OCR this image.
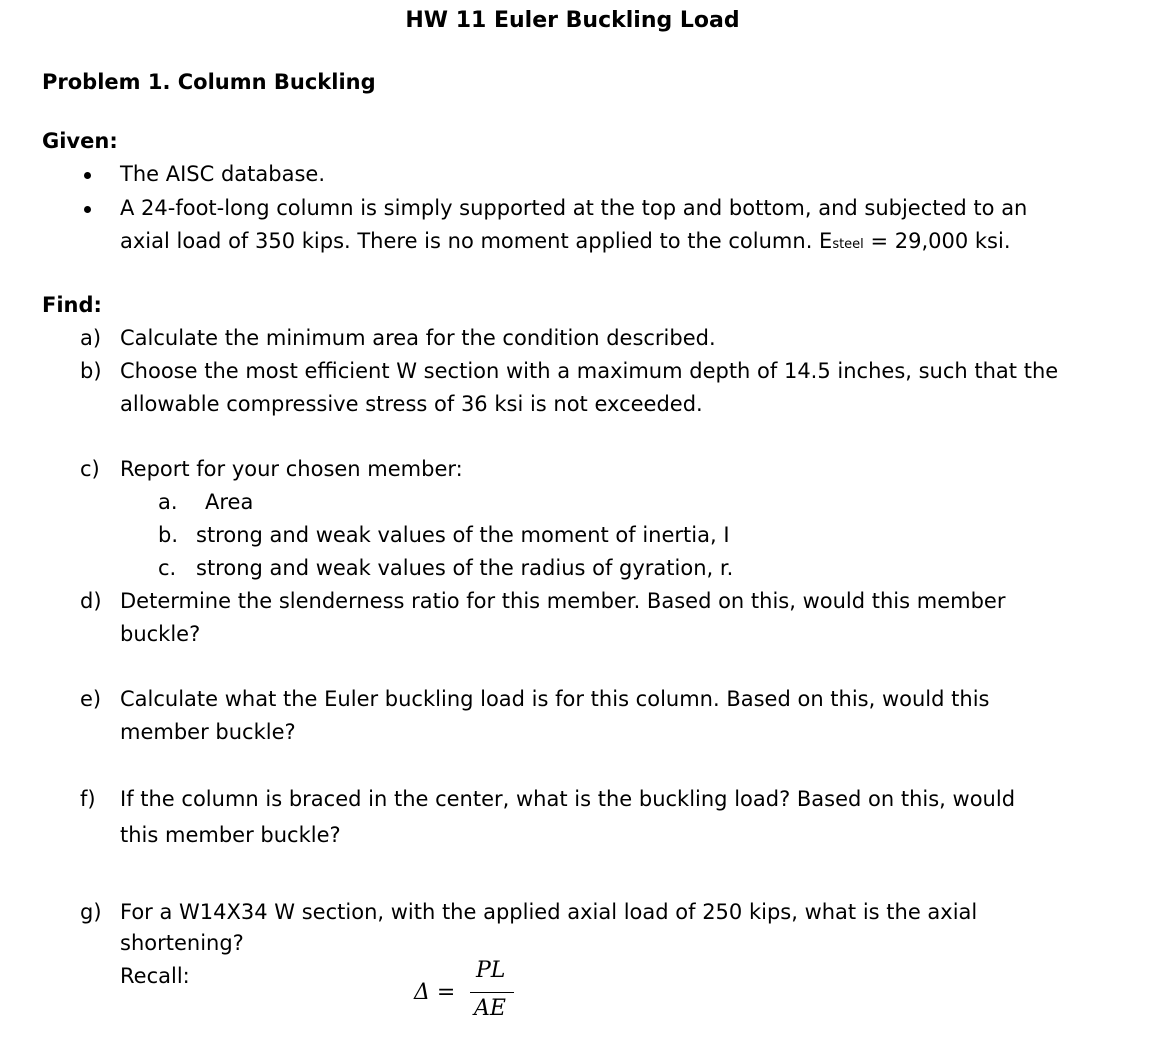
HW 11 Euler Buckling Load
Problem 1. Column Buckling
Given:
The AISC database.
A 24-foot-long column is simply supported at the top and bottom, and subjected to an
axial load of 350 kips. There is no moment applied to the column. Esteel = 29,000 ksi.
Find:
a) Calculate the minimum area for the condition described.
b) Choose the most efficient W section with a maximum depth of 14.5 inches, such that the
allowable compressive stress of 36 ksi is not exceeded.
c) Report for your chosen member:
a. Area
b. strong and weak values of the moment of inertia, I
c. strong and weak values of the radius of gyration, r.
d) Determine the slenderness ratio for this member. Based on this, would this member
buckle?
e) Calculate what the Euler buckling load is for this column. Based on this, would this
member buckle?
f) If the column is braced in the center, what is the buckling load? Based on this, would
this member buckle?
g) For a W14X34 W section, with the applied axial load of 250 kips, what is the axial
shortening?
Recall:
Δ =
PL
AE
